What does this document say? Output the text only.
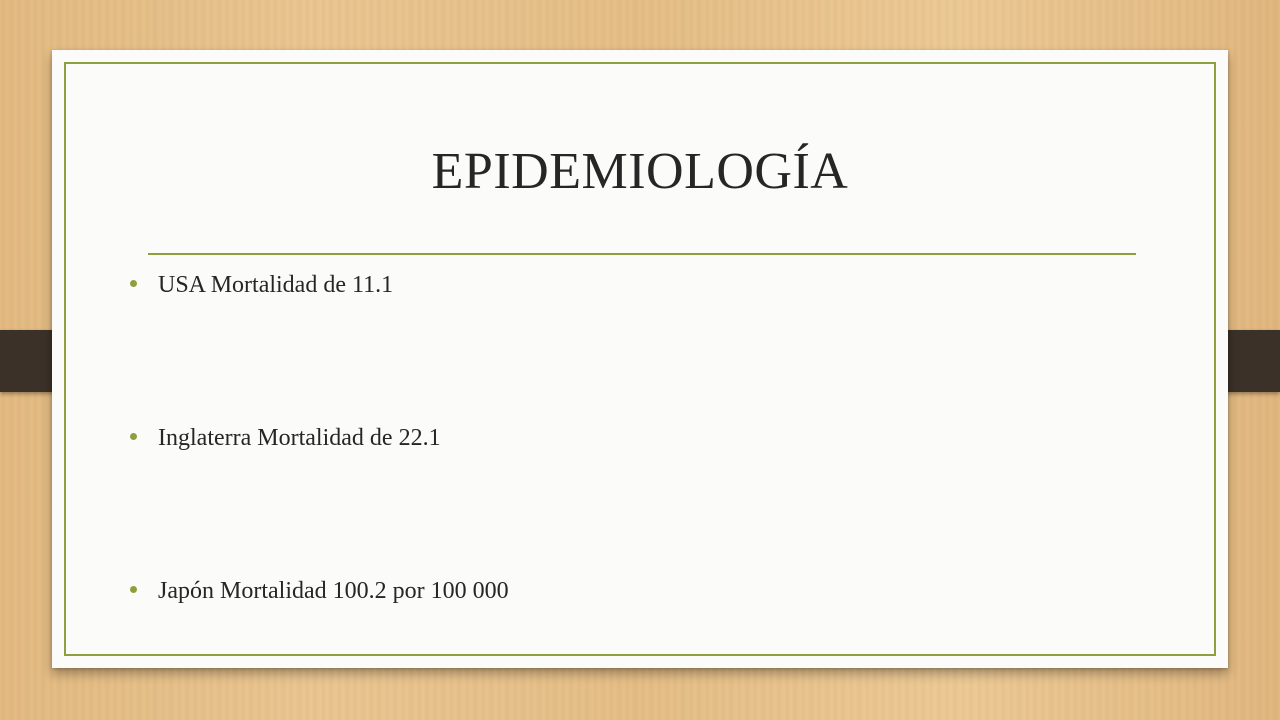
EPIDEMIOLOGÍA
USA Mortalidad de 11.1
Inglaterra Mortalidad de 22.1
Japón Mortalidad 100.2 por 100 000
